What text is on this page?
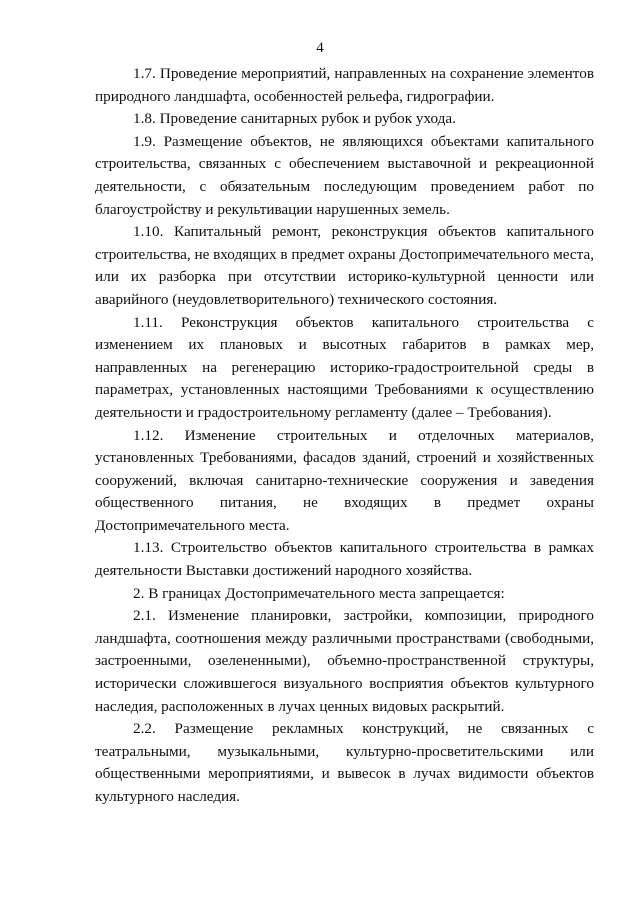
4

1.7. Проведение мероприятий, направленных на сохранение элементов природного ландшафта, особенностей рельефа, гидрографии.

1.8. Проведение санитарных рубок и рубок ухода.

1.9. Размещение объектов, не являющихся объектами капитального строительства, связанных с обеспечением выставочной и рекреационной деятельности, с обязательным последующим проведением работ по благоустройству и рекультивации нарушенных земель.

1.10. Капитальный ремонт, реконструкция объектов капитального строительства, не входящих в предмет охраны Достопримечательного места, или их разборка при отсутствии историко-культурной ценности или аварийного (неудовлетворительного) технического состояния.

1.11. Реконструкция объектов капитального строительства с изменением их плановых и высотных габаритов в рамках мер, направленных на регенерацию историко-градостроительной среды в параметрах, установленных настоящими Требованиями к осуществлению деятельности и градостроительному регламенту (далее – Требования).

1.12. Изменение строительных и отделочных материалов, установленных Требованиями, фасадов зданий, строений и хозяйственных сооружений, включая санитарно-технические сооружения и заведения общественного питания, не входящих в предмет охраны Достопримечательного места.

1.13. Строительство объектов капитального строительства в рамках деятельности Выставки достижений народного хозяйства.

2. В границах Достопримечательного места запрещается:

2.1. Изменение планировки, застройки, композиции, природного ландшафта, соотношения между различными пространствами (свободными, застроенными, озелененными), объемно-пространственной структуры, исторически сложившегося визуального восприятия объектов культурного наследия, расположенных в лучах ценных видовых раскрытий.

2.2. Размещение рекламных конструкций, не связанных с театральными, музыкальными, культурно-просветительскими или общественными мероприятиями, и вывесок в лучах видимости объектов культурного наследия.
